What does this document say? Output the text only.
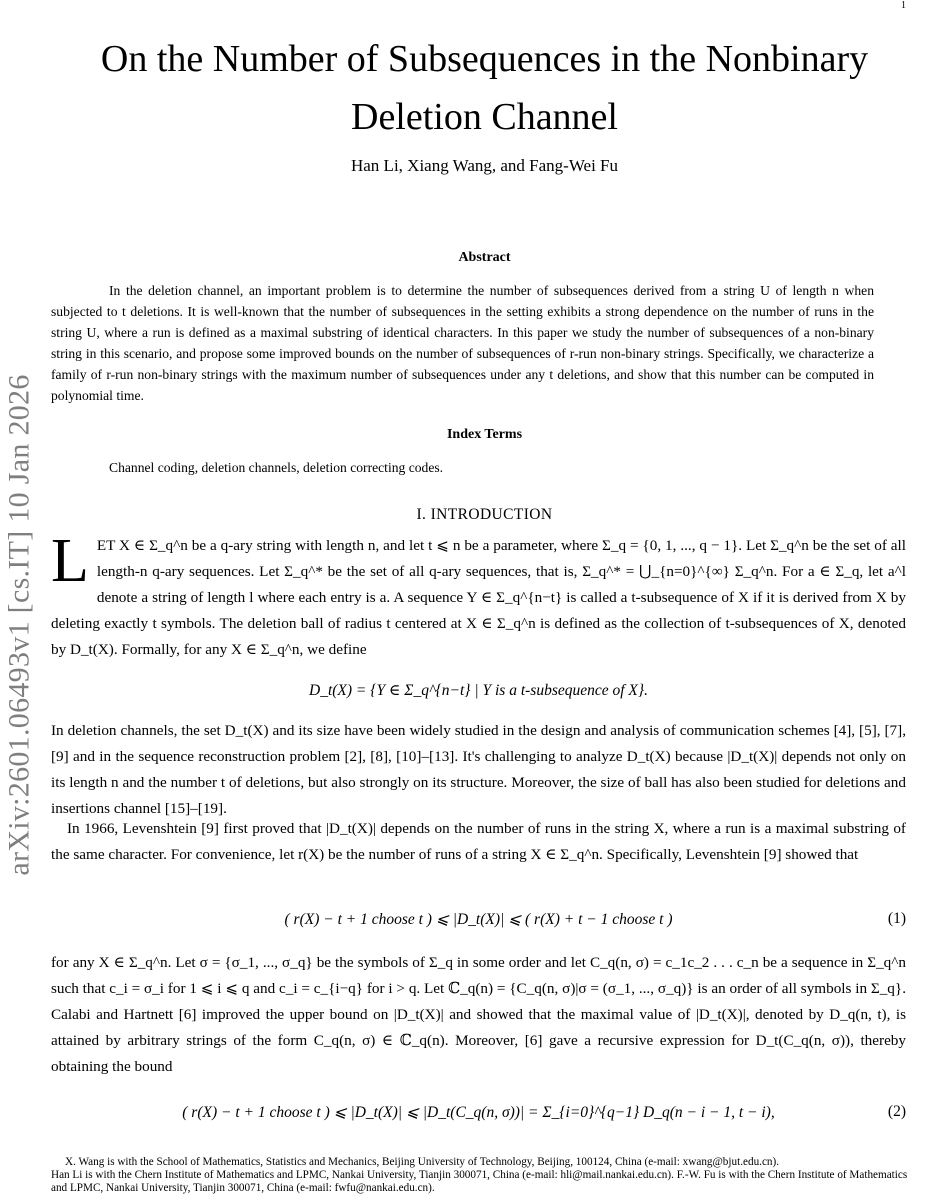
1
arXiv:2601.06493v1 [cs.IT] 10 Jan 2026
On the Number of Subsequences in the Nonbinary Deletion Channel
Han Li, Xiang Wang, and Fang-Wei Fu
Abstract

In the deletion channel, an important problem is to determine the number of subsequences derived from a string U of length n when subjected to t deletions. It is well-known that the number of subsequences in the setting exhibits a strong dependence on the number of runs in the string U, where a run is defined as a maximal substring of identical characters. In this paper we study the number of subsequences of a non-binary string in this scenario, and propose some improved bounds on the number of subsequences of r-run non-binary strings. Specifically, we characterize a family of r-run non-binary strings with the maximum number of subsequences under any t deletions, and show that this number can be computed in polynomial time.

Index Terms

Channel coding, deletion channels, deletion correcting codes.

I. INTRODUCTION
L ET X ∈ Σ_q^n be a q-ary string with length n, and let t ⩽ n be a parameter, where Σ_q = {0, 1, ..., q − 1}. Let Σ_q^n be the set of all length-n q-ary sequences. Let Σ_q^* be the set of all q-ary sequences, that is, Σ_q^* = ⋃_{n=0}^{∞} Σ_q^n. For a ∈ Σ_q, let a^l denote a string of length l where each entry is a. A sequence Y ∈ Σ_q^{n−t} is called a t-subsequence of X if it is derived from X by deleting exactly t symbols. The deletion ball of radius t centered at X ∈ Σ_q^n is defined as the collection of t-subsequences of X, denoted by D_t(X). Formally, for any X ∈ Σ_q^n, we define

D_t(X) = {Y ∈ Σ_q^{n−t} | Y is a t-subsequence of X}.

In deletion channels, the set D_t(X) and its size have been widely studied in the design and analysis of communication schemes [4], [5], [7], [9] and in the sequence reconstruction problem [2], [8], [10]–[13]. It's challenging to analyze D_t(X) because |D_t(X)| depends not only on its length n and the number t of deletions, but also strongly on its structure. Moreover, the size of ball has also been studied for deletions and insertions channel [15]–[19].

In 1966, Levenshtein [9] first proved that |D_t(X)| depends on the number of runs in the string X, where a run is a maximal substring of the same character. For convenience, let r(X) be the number of runs of a string X ∈ Σ_q^n. Specifically, Levenshtein [9] showed that

( r(X) − t + 1 choose t ) ⩽ |D_t(X)| ⩽ ( r(X) + t − 1 choose t )	(1)

for any X ∈ Σ_q^n. Let σ = {σ_1, ..., σ_q} be the symbols of Σ_q in some order and let C_q(n, σ) = c_1c_2 . . . c_n be a sequence in Σ_q^n such that c_i = σ_i for 1 ⩽ i ⩽ q and c_i = c_{i−q} for i > q. Let ℂ_q(n) = {C_q(n, σ)|σ = (σ_1, ..., σ_q)} is an order of all symbols in Σ_q}. Calabi and Hartnett [6] improved the upper bound on |D_t(X)| and showed that the maximal value of |D_t(X)|, denoted by D_q(n, t), is attained by arbitrary strings of the form C_q(n, σ) ∈ ℂ_q(n). Moreover, [6] gave a recursive expression for D_t(C_q(n, σ)), thereby obtaining the bound

( r(X) − t + 1 choose t ) ⩽ |D_t(X)| ⩽ |D_t(C_q(n, σ))| = Σ_{i=0}^{q−1} D_q(n − i − 1, t − i),	(2)

X. Wang is with the School of Mathematics, Statistics and Mechanics, Beijing University of Technology, Beijing, 100124, China (e-mail: xwang@bjut.edu.cn).

Han Li is with the Chern Institute of Mathematics and LPMC, Nankai University, Tianjin 300071, China (e-mail: hli@mail.nankai.edu.cn). F.-W. Fu is with the Chern Institute of Mathematics and LPMC, Nankai University, Tianjin 300071, China (e-mail: fwfu@nankai.edu.cn).
